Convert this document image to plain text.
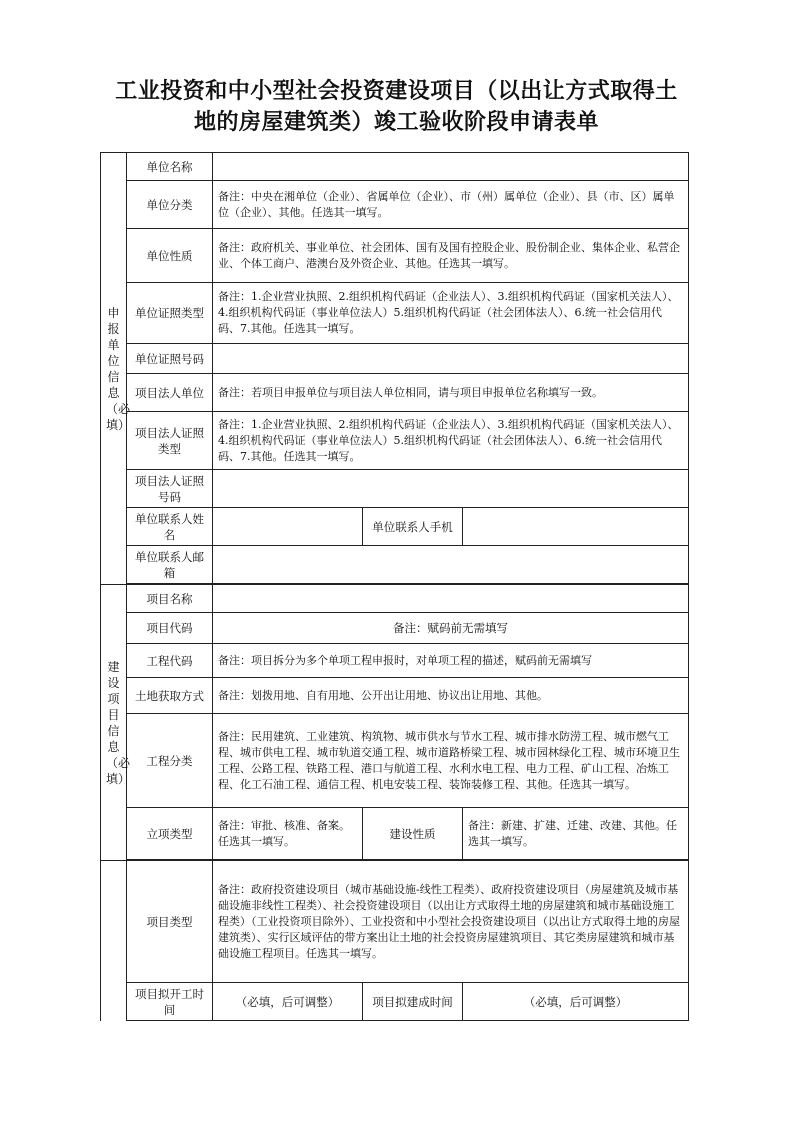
工业投资和中小型社会投资建设项目（以出让方式取得土
地的房屋建筑类）竣工验收阶段申请表单
申报单位信息（必填）	单位名称			
	单位分类	备注：中央在湘单位（企业）、省属单位（企业）、市（州）属单位（企业）、县（市、区）属单位（企业）、其他。任选其一填写。		
	单位性质	备注：政府机关、事业单位、社会团体、国有及国有控股企业、股份制企业、集体企业、私营企业、个体工商户、港澳台及外资企业、其他。任选其一填写。		
	单位证照类型	备注：1.企业营业执照、2.组织机构代码证（企业法人）、3.组织机构代码证（国家机关法人）、4.组织机构代码证（事业单位法人）5.组织机构代码证（社会团体法人）、6.统一社会信用代码、7.其他。任选其一填写。		
	单位证照号码			
	项目法人单位	备注：若项目申报单位与项目法人单位相同，请与项目申报单位名称填写一致。		
	项目法人证照类型	备注：1.企业营业执照、2.组织机构代码证（企业法人）、3.组织机构代码证（国家机关法人）、4.组织机构代码证（事业单位法人）5.组织机构代码证（社会团体法人）、6.统一社会信用代码、7.其他。任选其一填写。		
	项目法人证照号码			
	单位联系人姓名		单位联系人手机	
	单位联系人邮箱			

建设项目信息（必填）	项目名称			
	项目代码	备注：赋码前无需填写		
	工程代码	备注：项目拆分为多个单项工程申报时，对单项工程的描述，赋码前无需填写		
	土地获取方式	备注：划拨用地、自有用地、公开出让用地、协议出让用地、其他。		
	工程分类	备注：民用建筑、工业建筑、构筑物、城市供水与节水工程、城市排水防涝工程、城市燃气工程、城市供电工程、城市轨道交通工程、城市道路桥梁工程、城市园林绿化工程、城市环境卫生工程、公路工程、铁路工程、港口与航道工程、水利水电工程、电力工程、矿山工程、冶炼工程、化工石油工程、通信工程、机电安装工程、装饰装修工程、其他。任选其一填写。		
	立项类型	备注：审批、核准、备案。任选其一填写。	建设性质	备注：新建、扩建、迁建、改建、其他。任选其一填写。

	项目类型	备注：政府投资建设项目（城市基础设施-线性工程类）、政府投资建设项目（房屋建筑及城市基础设施非线性工程类）、社会投资建设项目（以出让方式取得土地的房屋建筑和城市基础设施工程类）（工业投资项目除外）、工业投资和中小型社会投资建设项目（以出让方式取得土地的房屋建筑类）、实行区域评估的带方案出让土地的社会投资房屋建筑项目、其它类房屋建筑和城市基础设施工程项目。任选其一填写。		
	项目拟开工时间	（必填，后可调整）	项目拟建成时间	（必填，后可调整）
